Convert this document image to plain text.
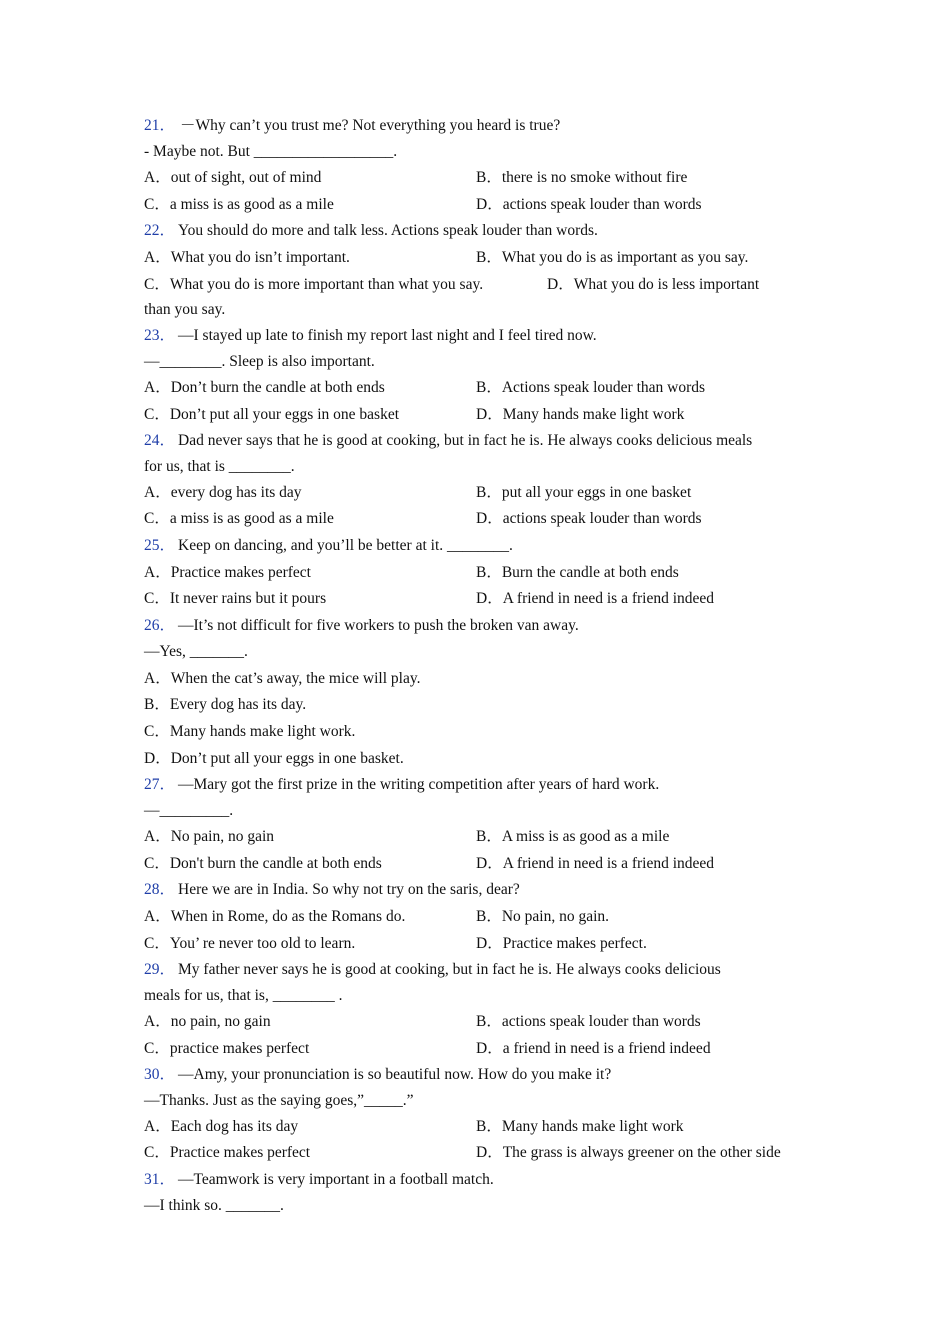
21． －Why can’t you trust me? Not everything you heard is true?
- Maybe not. But __________________.
A．out of sight, out of mind	B．there is no smoke without fire
C．a miss is as good as a mile	D．actions speak louder than words
22． You should do more and talk less. Actions speak louder than words.
A．What you do isn’t important.	B．What you do is as important as you say.
C．What you do is more important than what you say.	D．What you do is less important
than you say.
23． —I stayed up late to finish my report last night and I feel tired now.
—________. Sleep is also important.
A．Don’t burn the candle at both ends	B．Actions speak louder than words
C．Don’t put all your eggs in one basket	D．Many hands make light work
24． Dad never says that he is good at cooking, but in fact he is. He always cooks delicious meals
for us, that is ________.
A．every dog has its day	B．put all your eggs in one basket
C．a miss is as good as a mile	D．actions speak louder than words
25． Keep on dancing, and you’ll be better at it. ________.
A．Practice makes perfect	B．Burn the candle at both ends
C．It never rains but it pours	D．A friend in need is a friend indeed
26． —It’s not difficult for five workers to push the broken van away.
—Yes, _______.
A．When the cat’s away, the mice will play.
B．Every dog has its day.
C．Many hands make light work.
D．Don’t put all your eggs in one basket.
27． —Mary got the first prize in the writing competition after years of hard work.
—_________.
A．No pain, no gain	B．A miss is as good as a mile
C．Don't burn the candle at both ends	D．A friend in need is a friend indeed
28． Here we are in India. So why not try on the saris, dear?
A．When in Rome, do as the Romans do.	B．No pain, no gain.
C．You’ re never too old to learn.	D．Practice makes perfect.
29． My father never says he is good at cooking, but in fact he is. He always cooks delicious
meals for us, that is, ________ .
A．no pain, no gain	B．actions speak louder than words
C．practice makes perfect	D．a friend in need is a friend indeed
30． —Amy, your pronunciation is so beautiful now. How do you make it?
—Thanks. Just as the saying goes,”_____.”
A．Each dog has its day	B．Many hands make light work
C．Practice makes perfect	D．The grass is always greener on the other side
31． —Teamwork is very important in a football match.
—I think so. _______.
